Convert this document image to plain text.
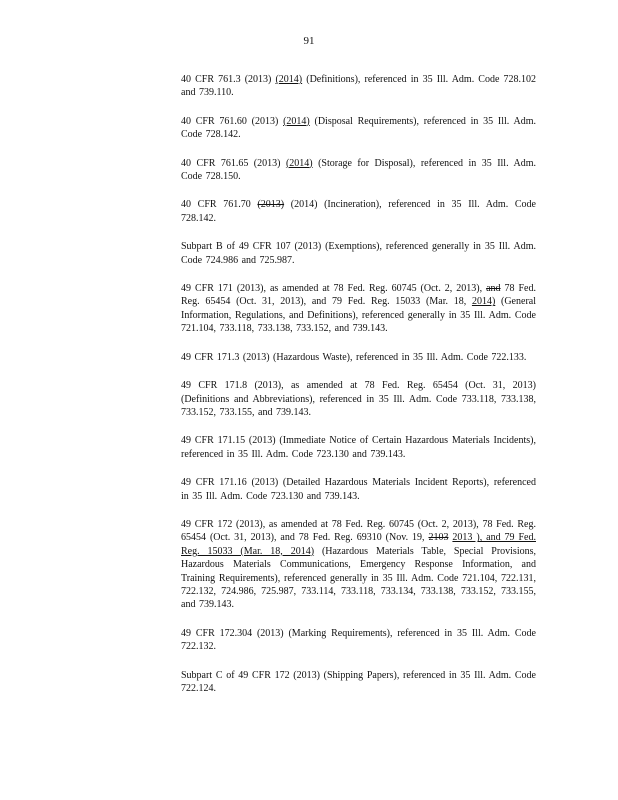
91
40 CFR 761.3 (2013) (2014) (Definitions), referenced in 35 Ill. Adm. Code 728.102 and 739.110.
40 CFR 761.60 (2013) (2014) (Disposal Requirements), referenced in 35 Ill. Adm. Code 728.142.
40 CFR 761.65 (2013) (2014) (Storage for Disposal), referenced in 35 Ill. Adm. Code 728.150.
40 CFR 761.70 (2013) (2014) (Incineration), referenced in 35 Ill. Adm. Code 728.142.
Subpart B of 49 CFR 107 (2013) (Exemptions), referenced generally in 35 Ill. Adm. Code 724.986 and 725.987.
49 CFR 171 (2013), as amended at 78 Fed. Reg. 60745 (Oct. 2, 2013), and 78 Fed. Reg. 65454 (Oct. 31, 2013), and 79 Fed. Reg. 15033 (Mar. 18, 2014) (General Information, Regulations, and Definitions), referenced generally in 35 Ill. Adm. Code 721.104, 733.118, 733.138, 733.152, and 739.143.
49 CFR 171.3 (2013) (Hazardous Waste), referenced in 35 Ill. Adm. Code 722.133.
49 CFR 171.8 (2013), as amended at 78 Fed. Reg. 65454 (Oct. 31, 2013) (Definitions and Abbreviations), referenced in 35 Ill. Adm. Code 733.118, 733.138, 733.152, 733.155, and 739.143.
49 CFR 171.15 (2013) (Immediate Notice of Certain Hazardous Materials Incidents), referenced in 35 Ill. Adm. Code 723.130 and 739.143.
49 CFR 171.16 (2013) (Detailed Hazardous Materials Incident Reports), referenced in 35 Ill. Adm. Code 723.130 and 739.143.
49 CFR 172 (2013), as amended at 78 Fed. Reg. 60745 (Oct. 2, 2013), 78 Fed. Reg. 65454 (Oct. 31, 2013), and 78 Fed. Reg. 69310 (Nov. 19, 2103 2013 ), and 79 Fed. Reg. 15033 (Mar. 18, 2014) (Hazardous Materials Table, Special Provisions, Hazardous Materials Communications, Emergency Response Information, and Training Requirements), referenced generally in 35 Ill. Adm. Code 721.104, 722.131, 722.132, 724.986, 725.987, 733.114, 733.118, 733.134, 733.138, 733.152, 733.155, and 739.143.
49 CFR 172.304 (2013) (Marking Requirements), referenced in 35 Ill. Adm. Code 722.132.
Subpart C of 49 CFR 172 (2013) (Shipping Papers), referenced in 35 Ill. Adm. Code 722.124.
